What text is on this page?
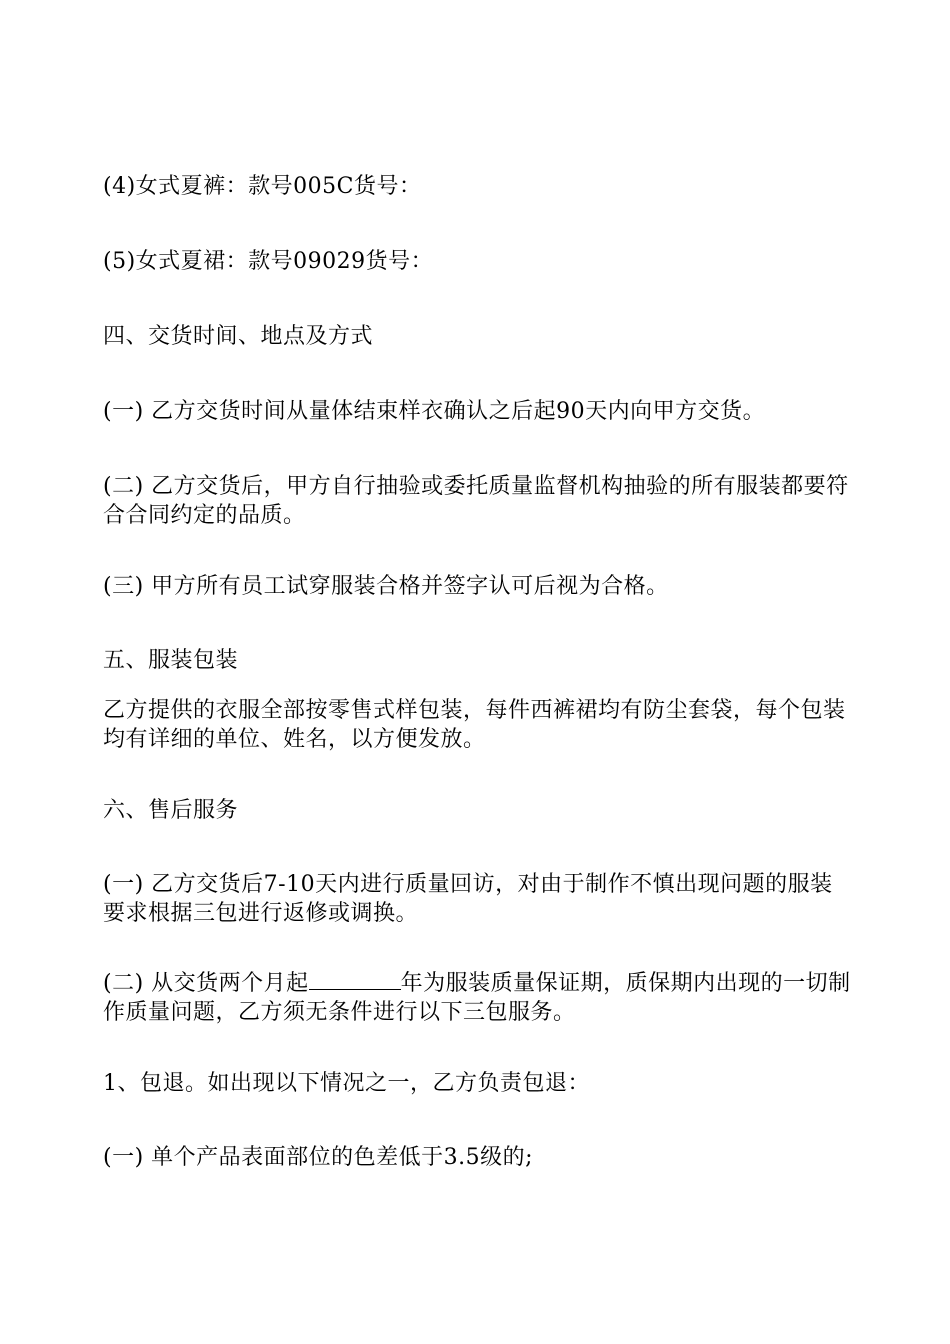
(4)女式夏裤：款号005C货号：

(5)女式夏裙：款号09029货号：

四、交货时间、地点及方式

(一) 乙方交货时间从量体结束样衣确认之后起90天内向甲方交货。

(二) 乙方交货后，甲方自行抽验或委托质量监督机构抽验的所有服装都要符合合同约定的品质。

(三) 甲方所有员工试穿服装合格并签字认可后视为合格。

五、服装包装

乙方提供的衣服全部按零售式样包装，每件西裤裙均有防尘套袋，每个包装均有详细的单位、姓名，以方便发放。

六、售后服务

(一) 乙方交货后7-10天内进行质量回访，对由于制作不慎出现问题的服装要求根据三包进行返修或调换。

(二) 从交货两个月起	年为服装质量保证期，质保期内出现的一切制作质量问题，乙方须无条件进行以下三包服务。

1、包退。如出现以下情况之一，乙方负责包退：

(一) 单个产品表面部位的色差低于3.5级的;
